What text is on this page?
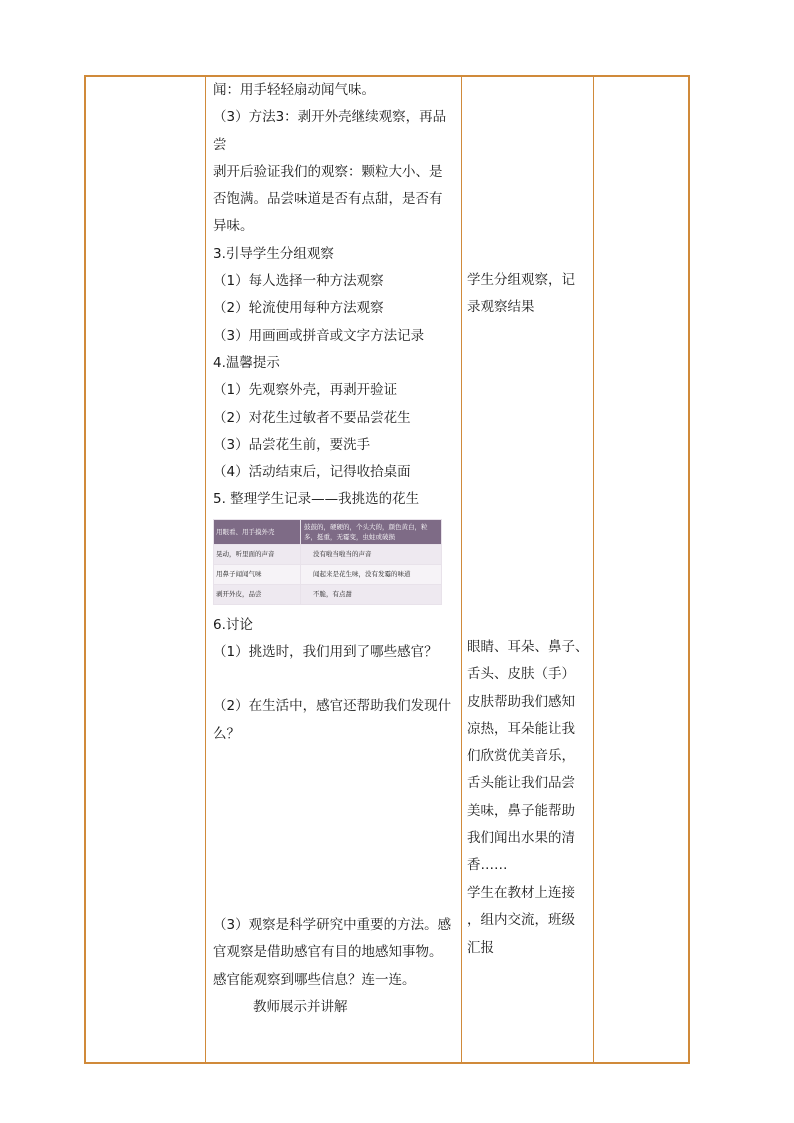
闻：用手轻轻扇动闻气味。
（3）方法3：剥开外壳继续观察，再品
尝
剥开后验证我们的观察：颗粒大小、是
否饱满。品尝味道是否有点甜，是否有
异味。
3.引导学生分组观察
（1）每人选择一种方法观察
（2）轮流使用每种方法观察
（3）用画画或拼音或文字方法记录
4.温馨提示
（1）先观察外壳，再剥开验证
（2）对花生过敏者不要品尝花生
（3）品尝花生前，要洗手
（4）活动结束后，记得收拾桌面
5. 整理学生记录——我挑选的花生
用眼看、用手摸外壳	鼓鼓的，硬硬的，个头大的，颜色黄白，粒多，挺重，无霉变，虫蛀或破损
晃动，听里面的声音	没有啦当啦当的声音
用鼻子闻闻气味	闻起来是花生味，没有发霉的味道
剥开外皮，品尝	不脆，有点甜
6.讨论
（1）挑选时，我们用到了哪些感官？
（2）在生活中，感官还帮助我们发现什
么？
（3）观察是科学研究中重要的方法。感
官观察是借助感官有目的地感知事物。
感官能观察到哪些信息？连一连。
教师展示并讲解
学生分组观察，记
录观察结果
眼睛、耳朵、鼻子、
舌头、皮肤（手）
皮肤帮助我们感知
凉热，耳朵能让我
们欣赏优美音乐，
舌头能让我们品尝
美味，鼻子能帮助
我们闻出水果的清
香……
学生在教材上连接
，组内交流，班级
汇报
